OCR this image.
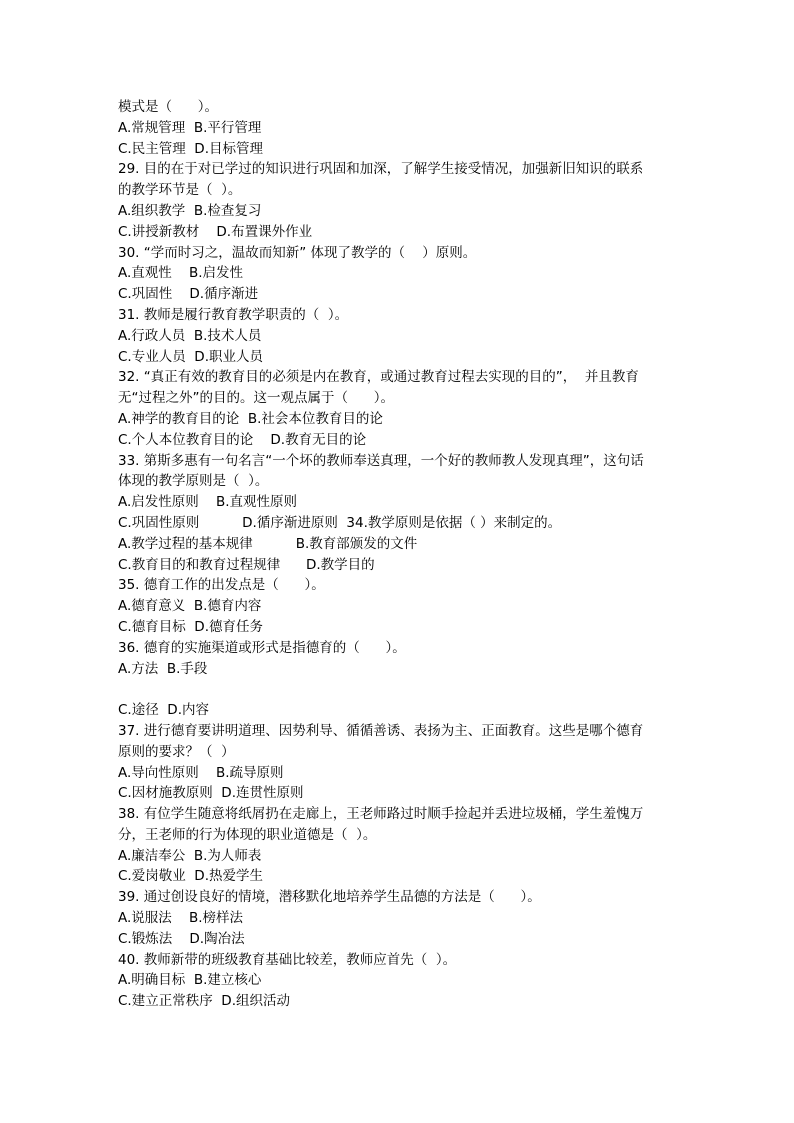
模式是（      ）。
A.常规管理  B.平行管理
C.民主管理  D.目标管理
29. 目的在于对已学过的知识进行巩固和加深，了解学生接受情况，加强新旧知识的联系
的教学环节是（  ）。
A.组织教学  B.检查复习
C.讲授新教材    D.布置课外作业
30. “学而时习之，温故而知新” 体现了教学的（    ）原则。
A.直观性    B.启发性
C.巩固性    D.循序渐进
31. 教师是履行教育教学职责的（  ）。
A.行政人员  B.技术人员
C.专业人员  D.职业人员
32. “真正有效的教育目的必须是内在教育，或通过教育过程去实现的目的”，  并且教育
无“过程之外”的目的。这一观点属于（      ）。
A.神学的教育目的论  B.社会本位教育目的论
C.个人本位教育目的论    D.教育无目的论
33. 第斯多惠有一句名言“一个坏的教师奉送真理，一个好的教师教人发现真理”，这句话
体现的教学原则是（  ）。
A.启发性原则    B.直观性原则
C.巩固性原则          D.循序渐进原则  34.教学原则是依据（ ）来制定的。
A.教学过程的基本规律          B.教育部颁发的文件
C.教育目的和教育过程规律      D.教学目的
35. 德育工作的出发点是（      ）。
A.德育意义  B.德育内容
C.德育目标  D.德育任务
36. 德育的实施渠道或形式是指德育的（      ）。
A.方法  B.手段
C.途径  D.内容
37. 进行德育要讲明道理、因势利导、循循善诱、表扬为主、正面教育。这些是哪个德育
原则的要求？（  ）
A.导向性原则    B.疏导原则
C.因材施教原则  D.连贯性原则
38. 有位学生随意将纸屑扔在走廊上，王老师路过时顺手捡起并丢进垃圾桶，学生羞愧万
分，王老师的行为体现的职业道德是（  ）。
A.廉洁奉公  B.为人师表
C.爱岗敬业  D.热爱学生
39. 通过创设良好的情境，潜移默化地培养学生品德的方法是（      ）。
A.说服法    B.榜样法
C.锻炼法    D.陶冶法
40. 教师新带的班级教育基础比较差，教师应首先（  ）。
A.明确目标  B.建立核心
C.建立正常秩序  D.组织活动
